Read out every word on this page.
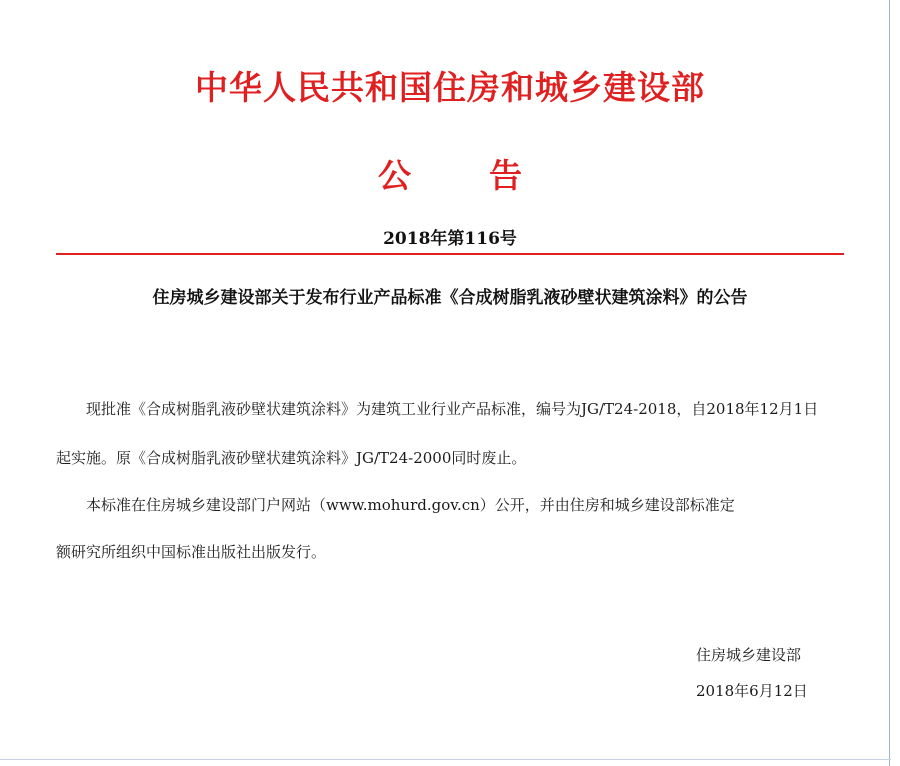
中华人民共和国住房和城乡建设部
公告
2018年第116号
住房城乡建设部关于发布行业产品标准《合成树脂乳液砂壁状建筑涂料》的公告
现批准《合成树脂乳液砂壁状建筑涂料》为建筑工业行业产品标准，编号为JG/T24-2018，自2018年12月1日
起实施。原《合成树脂乳液砂壁状建筑涂料》JG/T24-2000同时废止。
本标准在住房城乡建设部门户网站（www.mohurd.gov.cn）公开，并由住房和城乡建设部标准定
额研究所组织中国标准出版社出版发行。
住房城乡建设部
2018年6月12日
